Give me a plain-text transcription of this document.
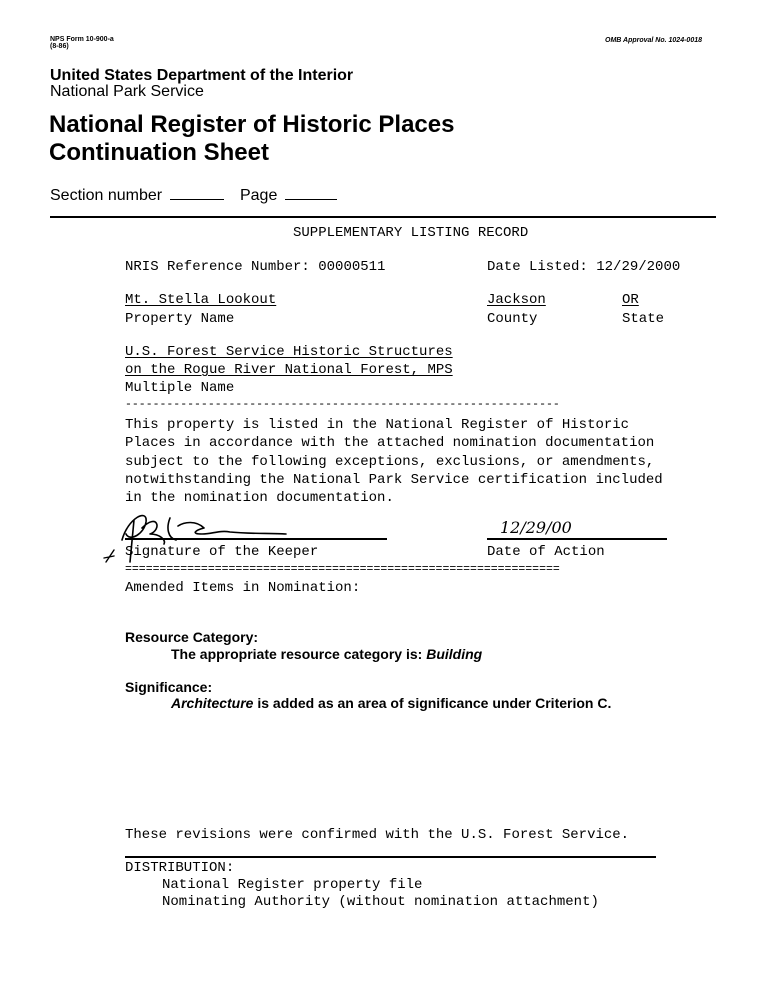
NPS Form 10-900-a
(8-86)
OMB Approval No. 1024-0018
United States Department of the Interior
National Park Service
National Register of Historic Places
Continuation Sheet
Section number	Page
SUPPLEMENTARY LISTING RECORD
NRIS Reference Number: 00000511	Date Listed: 12/29/2000
Mt. Stella Lookout	Jackson	OR
Property Name	County	State
U.S. Forest Service Historic Structures
on the Rogue River National Forest, MPS
Multiple Name
---------------------------------------------------------------
This property is listed in the National Register of Historic
Places in accordance with the attached nomination documentation
subject to the following exceptions, exclusions, or amendments,
notwithstanding the National Park Service certification included
in the nomination documentation.
12/29/00
Signature of the Keeper	Date of Action
===============================================================
Amended Items in Nomination:
Resource Category:
The appropriate resource category is: Building
Significance:
Architecture is added as an area of significance under Criterion C.
These revisions were confirmed with the U.S. Forest Service.
DISTRIBUTION:
National Register property file
Nominating Authority (without nomination attachment)
